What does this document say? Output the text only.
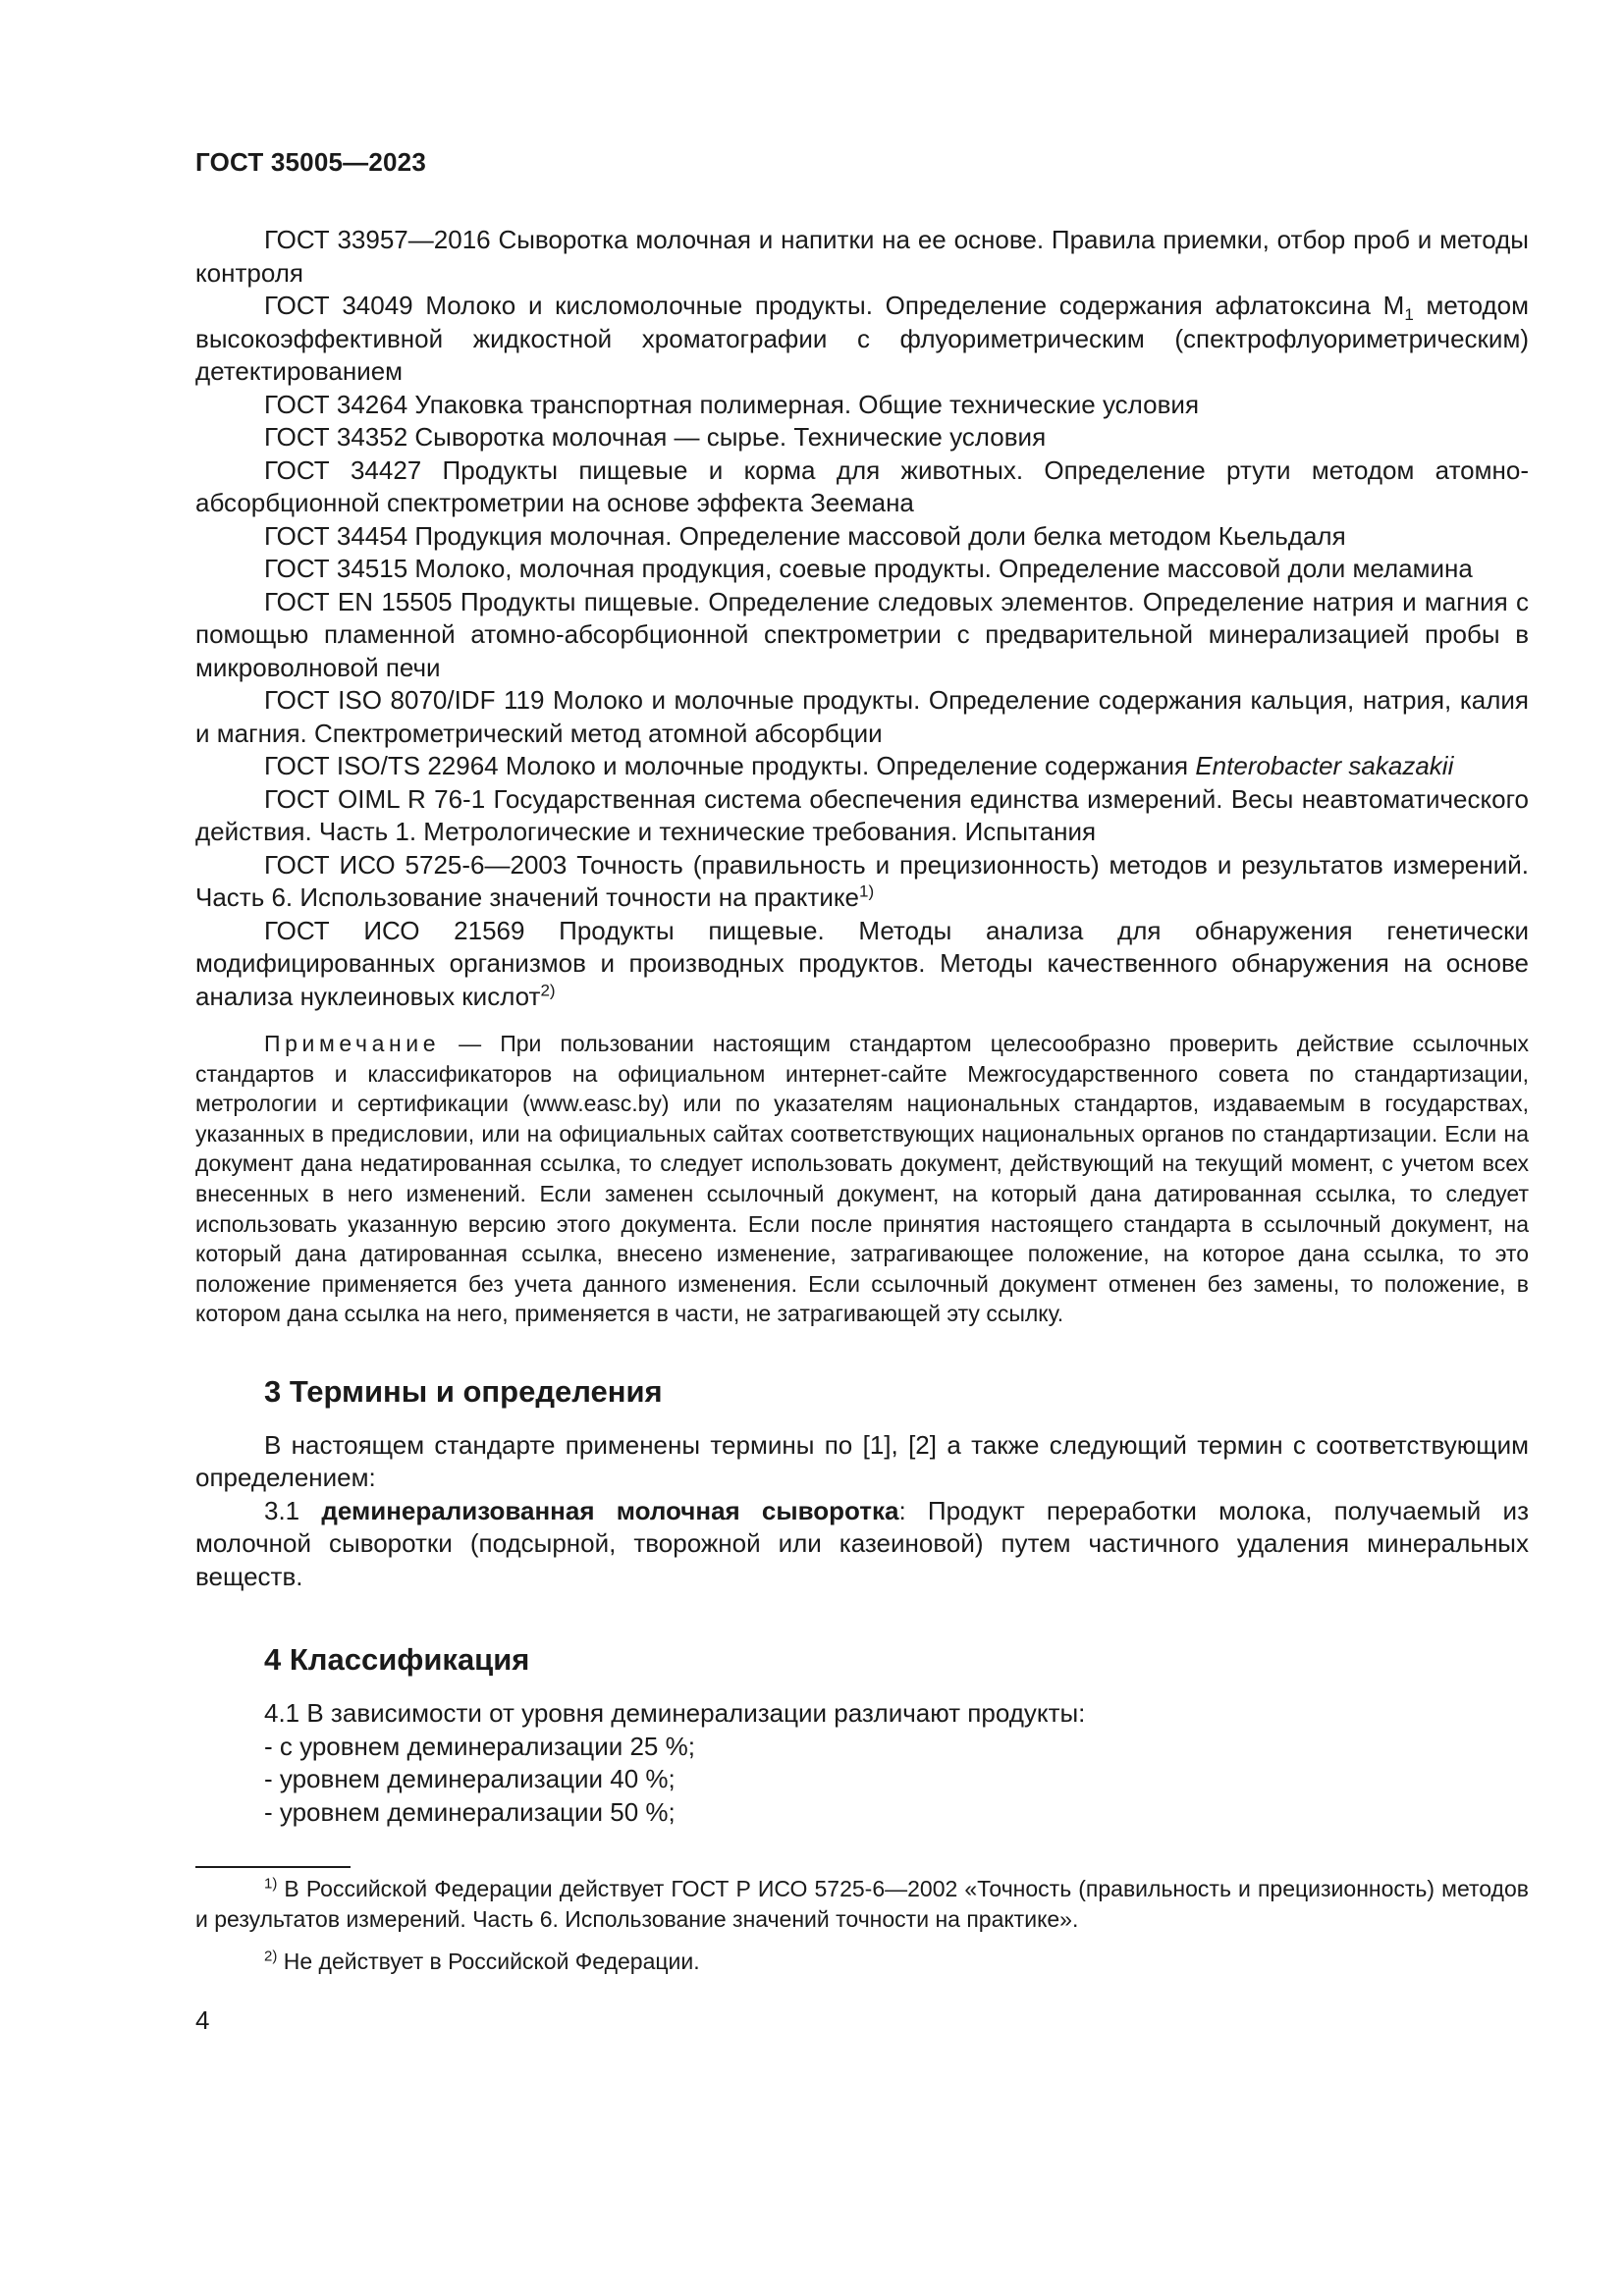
ГОСТ 35005—2023

ГОСТ 33957—2016 Сыворотка молочная и напитки на ее основе. Правила приемки, отбор проб и методы контроля

ГОСТ 34049 Молоко и кисломолочные продукты. Определение содержания афлатоксина $M_1$ методом высокоэффективной жидкостной хроматографии с флуориметрическим (спектрофлуориметрическим) детектированием

ГОСТ 34264 Упаковка транспортная полимерная. Общие технические условия

ГОСТ 34352 Сыворотка молочная — сырье. Технические условия

ГОСТ 34427 Продукты пищевые и корма для животных. Определение ртути методом атомно-абсорбционной спектрометрии на основе эффекта Зеемана

ГОСТ 34454 Продукция молочная. Определение массовой доли белка методом Кьельдаля

ГОСТ 34515 Молоко, молочная продукция, соевые продукты. Определение массовой доли меламина

ГОСТ EN 15505 Продукты пищевые. Определение следовых элементов. Определение натрия и магния с помощью пламенной атомно-абсорбционной спектрометрии с предварительной минерализацией пробы в микроволновой печи

ГОСТ ISO 8070/IDF 119 Молоко и молочные продукты. Определение содержания кальция, натрия, калия и магния. Спектрометрический метод атомной абсорбции

ГОСТ ISO/TS 22964 Молоко и молочные продукты. Определение содержания Enterobacter sakazakii

ГОСТ OIML R 76-1 Государственная система обеспечения единства измерений. Весы неавтоматического действия. Часть 1. Метрологические и технические требования. Испытания

ГОСТ ИСО 5725-6—2003 Точность (правильность и прецизионность) методов и результатов измерений. Часть 6. Использование значений точности на практике$^{1)}$

ГОСТ ИСО 21569 Продукты пищевые. Методы анализа для обнаружения генетически модифицированных организмов и производных продуктов. Методы качественного обнаружения на основе анализа нуклеиновых кислот$^{2)}$

Примечание — При пользовании настоящим стандартом целесообразно проверить действие ссылочных стандартов и классификаторов на официальном интернет-сайте Межгосударственного совета по стандартизации, метрологии и сертификации (www.easc.by) или по указателям национальных стандартов, издаваемым в государствах, указанных в предисловии, или на официальных сайтах соответствующих национальных органов по стандартизации. Если на документ дана недатированная ссылка, то следует использовать документ, действующий на текущий момент, с учетом всех внесенных в него изменений. Если заменен ссылочный документ, на который дана датированная ссылка, то следует использовать указанную версию этого документа. Если после принятия настоящего стандарта в ссылочный документ, на который дана датированная ссылка, внесено изменение, затрагивающее положение, на которое дана ссылка, то это положение применяется без учета данного изменения. Если ссылочный документ отменен без замены, то положение, в котором дана ссылка на него, применяется в части, не затрагивающей эту ссылку.

3 Термины и определения

В настоящем стандарте применены термины по [1], [2] а также следующий термин с соответствующим определением:

3.1 деминерализованная молочная сыворотка: Продукт переработки молока, получаемый из молочной сыворотки (подсырной, творожной или казеиновой) путем частичного удаления минеральных веществ.

4 Классификация

4.1 В зависимости от уровня деминерализации различают продукты:

- с уровнем деминерализации 25 %;

- уровнем деминерализации 40 %;

- уровнем деминерализации 50 %;

$^{1)}$ В Российской Федерации действует ГОСТ Р ИСО 5725-6—2002 «Точность (правильность и прецизионность) методов и результатов измерений. Часть 6. Использование значений точности на практике».

$^{2)}$ Не действует в Российской Федерации.

4
